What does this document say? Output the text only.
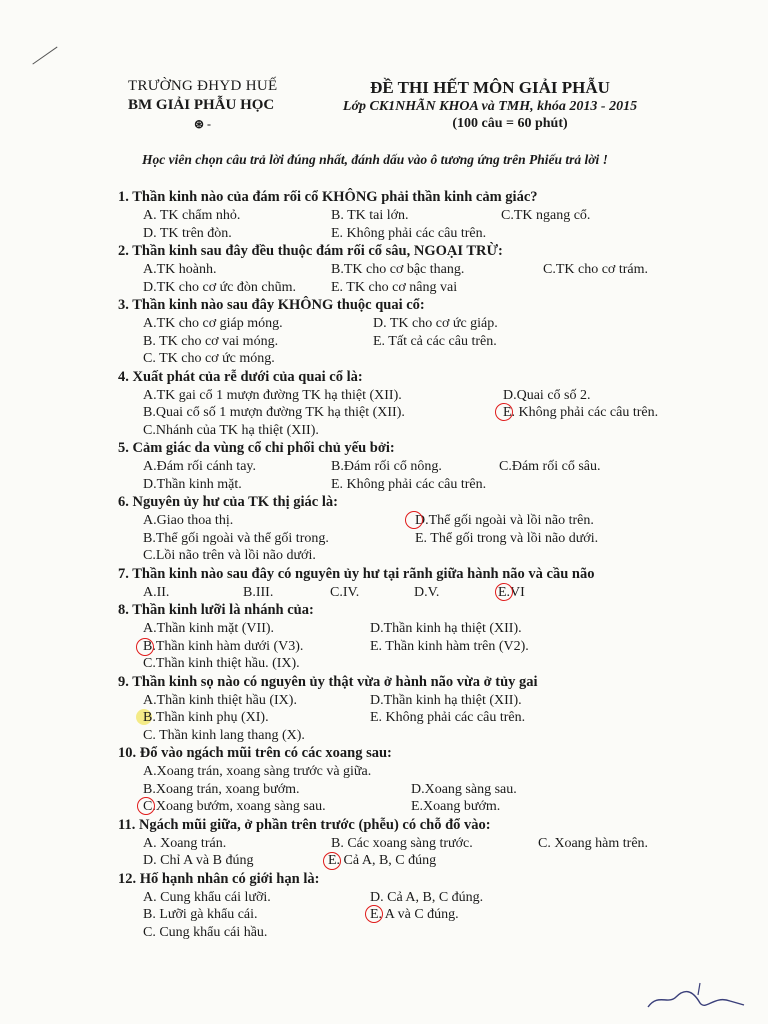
TRƯỜNG ĐHYD HUẾ
BM GIẢI PHẪU HỌC
⊛ -
ĐỀ THI HẾT MÔN GIẢI PHẪU
Lớp CK1NHÃN KHOA và TMH, khóa 2013 - 2015
(100 câu = 60 phút)
Học viên chọn câu trả lời đúng nhất, đánh dấu vào ô tương ứng trên Phiếu trả lời !
1. Thần kinh nào của đám rối cổ KHÔNG phải thần kinh cảm giác?
A. TK chẩm nhỏ.	B. TK tai lớn.	C.TK ngang cổ.
D. TK trên đòn.	E. Không phải các câu trên.
2. Thần kinh sau đây đều thuộc đám rối cổ sâu, NGOẠI TRỪ:
A.TK hoành.	B.TK cho cơ bậc thang.	C.TK cho cơ trám.
D.TK cho cơ ức đòn chũm. E. TK cho cơ nâng vai
3. Thần kinh nào sau đây KHÔNG thuộc quai cổ:
A.TK cho cơ giáp móng.	D. TK cho cơ ức giáp.
B. TK cho cơ vai móng.	E. Tất cả các câu trên.
C. TK cho cơ ức móng.
4. Xuất phát của rễ dưới của quai cổ là:
A.TK gai cổ 1 mượn đường TK hạ thiệt (XII).	D.Quai cổ số 2.
B.Quai cổ số 1 mượn đường TK hạ thiệt (XII).	E. Không phải các câu trên.
C.Nhánh của TK hạ thiệt (XII).
5. Cảm giác da vùng cổ chỉ phối chủ yếu bởi:
A.Đám rối cánh tay.	B.Đám rối cổ nông.	C.Đám rối cổ sâu.
D.Thần kinh mặt.	E. Không phải các câu trên.
6. Nguyên ủy hư của TK thị giác là:
A.Giao thoa thị.	D.Thể gối ngoài và lồi não trên.
B.Thể gối ngoài và thể gối trong.	E. Thể gối trong và lồi não dưới.
C.Lồi não trên và lồi não dưới.
7. Thần kinh nào sau đây có nguyên ủy hư tại rãnh giữa hành não và cầu não
A.II.	B.III.	C.IV.	D.V.	E.VI
8. Thần kinh lưỡi là nhánh của:
A.Thần kinh mặt (VII).	D.Thần kinh hạ thiệt (XII).
B.Thần kinh hàm dưới (V3).	E. Thần kinh hàm trên (V2).
C.Thần kinh thiệt hầu. (IX).
9. Thần kinh sọ nào có nguyên ủy thật vừa ở hành não vừa ở tủy gai
A.Thần kinh thiệt hầu (IX).	D.Thần kinh hạ thiệt (XII).
B.Thần kinh phụ (XI).	E. Không phải các câu trên.
C. Thần kinh lang thang (X).
10. Đổ vào ngách mũi trên có các xoang sau:
A.Xoang trán, xoang sàng trước và giữa.
B.Xoang trán, xoang bướm.	D.Xoang sàng sau.
C.Xoang bướm, xoang sàng sau.	E.Xoang bướm.
11. Ngách mũi giữa, ở phần trên trước (phễu) có chỗ đổ vào:
A. Xoang trán.	B. Các xoang sàng trước.	C. Xoang hàm trên.
D. Chỉ A và B đúng	E. Cả A, B, C đúng
12. Hố hạnh nhân có giới hạn là:
A. Cung khẩu cái lưỡi.	D. Cả A, B, C đúng.
B. Lưỡi gà khẩu cái.	E. A và C đúng.
C. Cung khẩu cái hầu.
